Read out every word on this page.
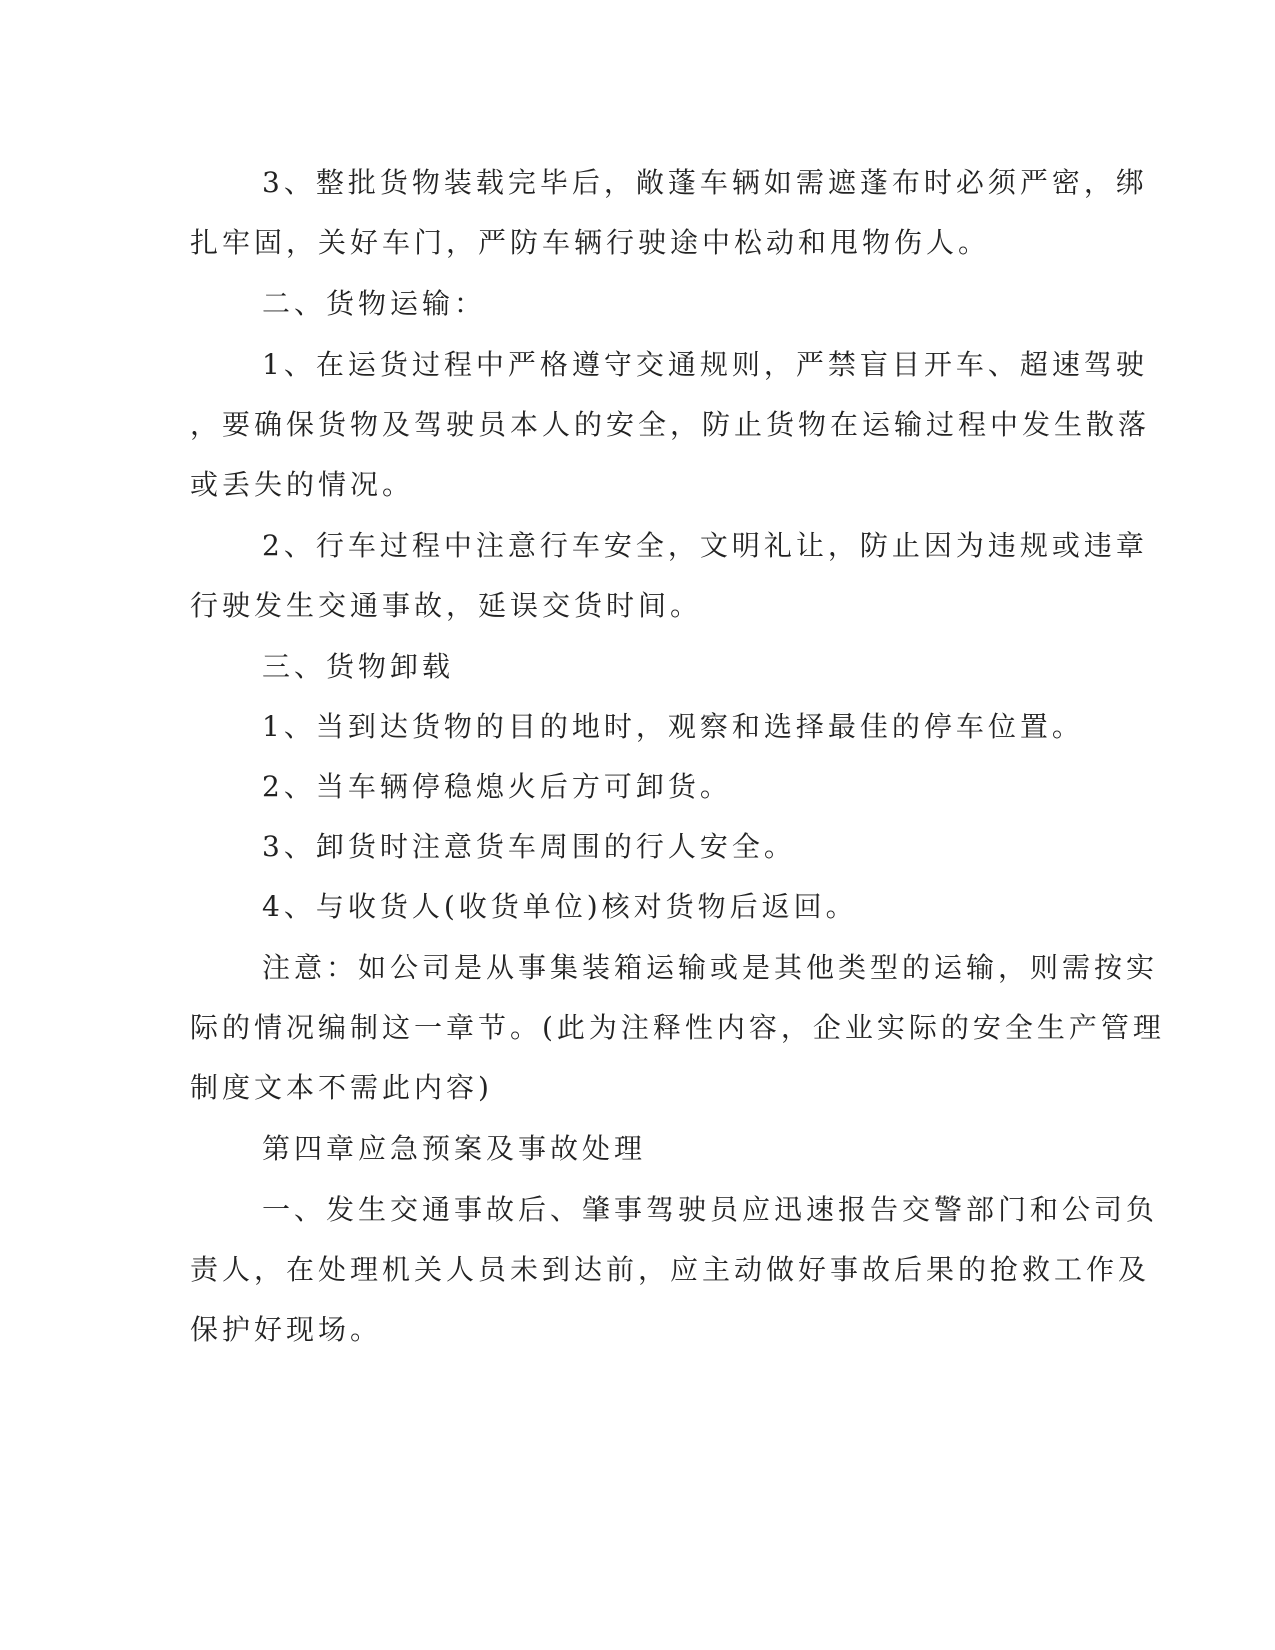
3、整批货物装载完毕后，敞蓬车辆如需遮蓬布时必须严密，绑
扎牢固，关好车门，严防车辆行驶途中松动和甩物伤人。
二、货物运输：
1、在运货过程中严格遵守交通规则，严禁盲目开车、超速驾驶
，要确保货物及驾驶员本人的安全，防止货物在运输过程中发生散落
或丢失的情况。
2、行车过程中注意行车安全，文明礼让，防止因为违规或违章
行驶发生交通事故，延误交货时间。
三、货物卸载
1、当到达货物的目的地时，观察和选择最佳的停车位置。
2、当车辆停稳熄火后方可卸货。
3、卸货时注意货车周围的行人安全。
4、与收货人(收货单位)核对货物后返回。
注意：如公司是从事集装箱运输或是其他类型的运输，则需按实
际的情况编制这一章节。(此为注释性内容，企业实际的安全生产管理
制度文本不需此内容)
第四章应急预案及事故处理
一、发生交通事故后、肇事驾驶员应迅速报告交警部门和公司负
责人，在处理机关人员未到达前，应主动做好事故后果的抢救工作及
保护好现场。
